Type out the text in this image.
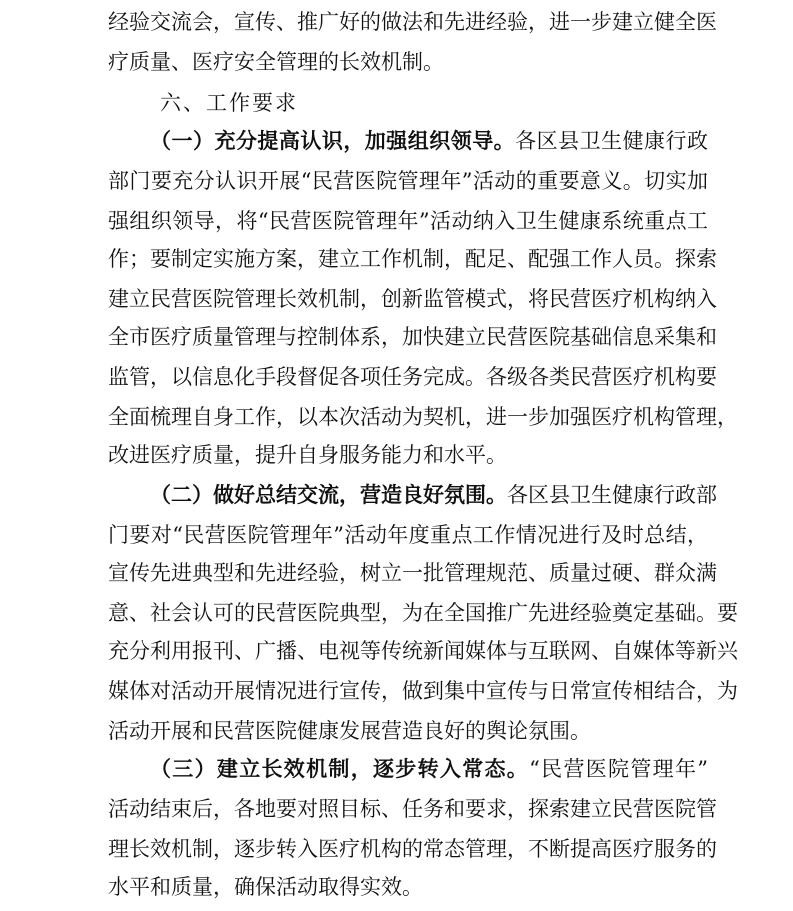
经验交流会，宣传、推广好的做法和先进经验，进一步建立健全医
疗质量、医疗安全管理的长效机制。
六、工作要求
（一）充分提高认识，加强组织领导。各区县卫生健康行政
部门要充分认识开展“民营医院管理年”活动的重要意义。切实加
强组织领导，将“民营医院管理年”活动纳入卫生健康系统重点工
作；要制定实施方案，建立工作机制，配足、配强工作人员。探索
建立民营医院管理长效机制，创新监管模式，将民营医疗机构纳入
全市医疗质量管理与控制体系，加快建立民营医院基础信息采集和
监管，以信息化手段督促各项任务完成。各级各类民营医疗机构要
全面梳理自身工作，以本次活动为契机，进一步加强医疗机构管理，
改进医疗质量，提升自身服务能力和水平。
（二）做好总结交流，营造良好氛围。各区县卫生健康行政部
门要对“民营医院管理年”活动年度重点工作情况进行及时总结，
宣传先进典型和先进经验，树立一批管理规范、质量过硬、群众满
意、社会认可的民营医院典型，为在全国推广先进经验奠定基础。要
充分利用报刊、广播、电视等传统新闻媒体与互联网、自媒体等新兴
媒体对活动开展情况进行宣传，做到集中宣传与日常宣传相结合，为
活动开展和民营医院健康发展营造良好的舆论氛围。
（三）建立长效机制，逐步转入常态。“民营医院管理年”
活动结束后，各地要对照目标、任务和要求，探索建立民营医院管
理长效机制，逐步转入医疗机构的常态管理，不断提高医疗服务的
水平和质量，确保活动取得实效。
